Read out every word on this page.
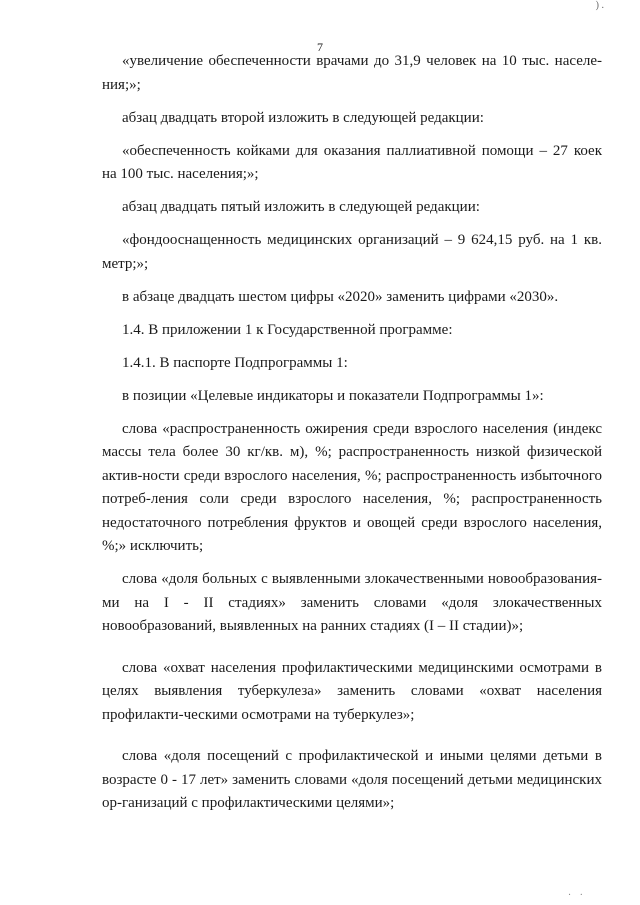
7

«увеличение обеспеченности врачами до 31,9 человек на 10 тыс. населе-ния;»;

абзац двадцать второй изложить в следующей редакции:

«обеспеченность койками для оказания паллиативной помощи – 27 коек на 100 тыс. населения;»;

абзац двадцать пятый изложить в следующей редакции:

«фондооснащенность медицинских организаций – 9 624,15 руб. на 1 кв. метр;»;

в абзаце двадцать шестом цифры «2020» заменить цифрами «2030».

1.4. В приложении 1 к Государственной программе:

1.4.1. В паспорте Подпрограммы 1:

в позиции «Целевые индикаторы и показатели Подпрограммы 1»:

слова «распространенность ожирения среди взрослого населения (индекс массы тела более 30 кг/кв. м), %; распространенность низкой физической актив-ности среди взрослого населения, %; распространенность избыточного потреб-ления соли среди взрослого населения, %; распространенность недостаточного потребления фруктов и овощей среди взрослого населения, %;» исключить;

слова «доля больных с выявленными злокачественными новообразования-ми на I - II стадиях» заменить словами «доля злокачественных новообразований, выявленных на ранних стадиях (I – II стадии)»;

слова «охват населения профилактическими медицинскими осмотрами в целях выявления туберкулеза» заменить словами «охват населения профилакти-ческими осмотрами на туберкулез»;

слова «доля посещений с профилактической и иными целями детьми в возрасте 0 - 17 лет» заменить словами «доля посещений детьми медицинских ор-ганизаций с профилактическими целями»;

) .
· ·
